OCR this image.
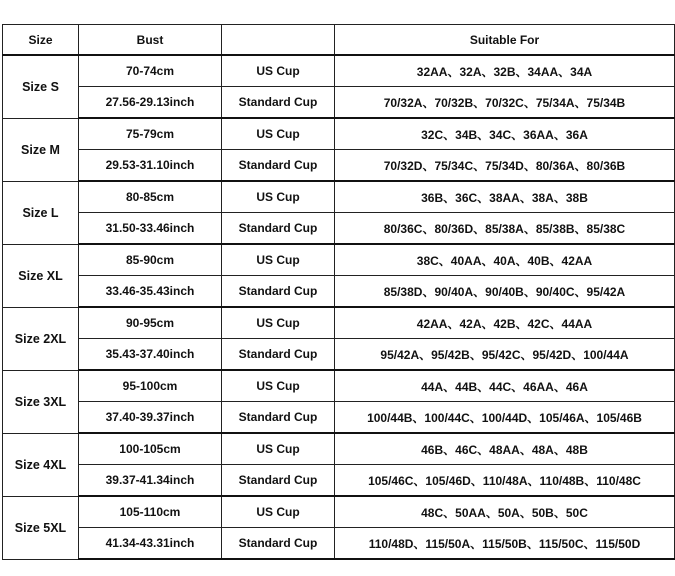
Size	Bust		Suitable For
Size S	70-74cm	US Cup	32AA、32A、32B、34AA、34A
	27.56-29.13inch	Standard Cup	70/32A、70/32B、70/32C、75/34A、75/34B
Size M	75-79cm	US Cup	32C、34B、34C、36AA、36A
	29.53-31.10inch	Standard Cup	70/32D、75/34C、75/34D、80/36A、80/36B
Size L	80-85cm	US Cup	36B、36C、38AA、38A、38B
	31.50-33.46inch	Standard Cup	80/36C、80/36D、85/38A、85/38B、85/38C
Size XL	85-90cm	US Cup	38C、40AA、40A、40B、42AA
	33.46-35.43inch	Standard Cup	85/38D、90/40A、90/40B、90/40C、95/42A
Size 2XL	90-95cm	US Cup	42AA、42A、42B、42C、44AA
	35.43-37.40inch	Standard Cup	95/42A、95/42B、95/42C、95/42D、100/44A
Size 3XL	95-100cm	US Cup	44A、44B、44C、46AA、46A
	37.40-39.37inch	Standard Cup	100/44B、100/44C、100/44D、105/46A、105/46B
Size 4XL	100-105cm	US Cup	46B、46C、48AA、48A、48B
	39.37-41.34inch	Standard Cup	105/46C、105/46D、110/48A、110/48B、110/48C
Size 5XL	105-110cm	US Cup	48C、50AA、50A、50B、50C
	41.34-43.31inch	Standard Cup	110/48D、115/50A、115/50B、115/50C、115/50D
